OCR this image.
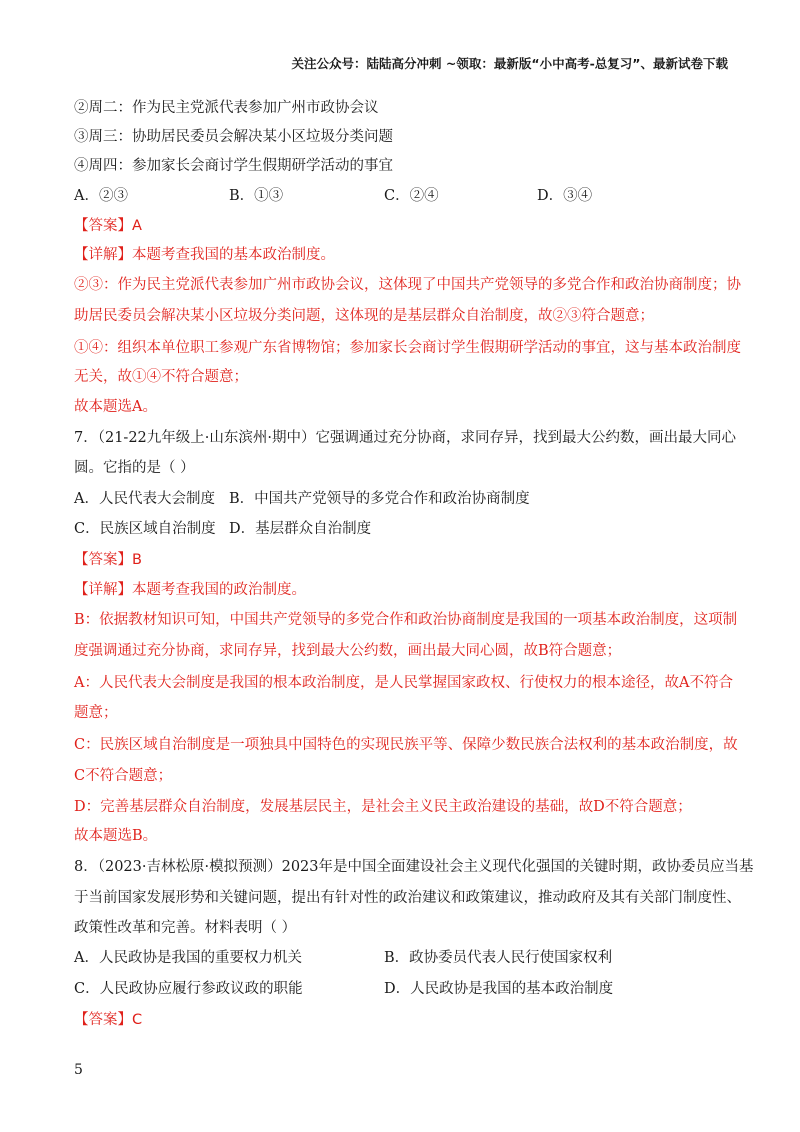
关注公众号：陆陆高分冲刺 ~领取：最新版“小中高考-总复习”、最新试卷下载
②周二：作为民主党派代表参加广州市政协会议
③周三：协助居民委员会解决某小区垃圾分类问题
④周四：参加家长会商讨学生假期研学活动的事宜
A．②③	B．①③	C．②④	D．③④
【答案】A
【详解】本题考查我国的基本政治制度。
②③：作为民主党派代表参加广州市政协会议，这体现了中国共产党领导的多党合作和政治协商制度；协
助居民委员会解决某小区垃圾分类问题，这体现的是基层群众自治制度，故②③符合题意；
①④：组织本单位职工参观广东省博物馆；参加家长会商讨学生假期研学活动的事宜，这与基本政治制度
无关，故①④不符合题意；
故本题选A。
7．（21-22九年级上·山东滨州·期中）它强调通过充分协商，求同存异，找到最大公约数，画出最大同心
圆。它指的是（ ）
A．人民代表大会制度 B．中国共产党领导的多党合作和政治协商制度
C．民族区域自治制度 D．基层群众自治制度
【答案】B
【详解】本题考查我国的政治制度。
B：依据教材知识可知，中国共产党领导的多党合作和政治协商制度是我国的一项基本政治制度，这项制
度强调通过充分协商，求同存异，找到最大公约数，画出最大同心圆，故B符合题意；
A：人民代表大会制度是我国的根本政治制度，是人民掌握国家政权、行使权力的根本途径，故A不符合
题意；
C：民族区域自治制度是一项独具中国特色的实现民族平等、保障少数民族合法权利的基本政治制度，故
C不符合题意；
D：完善基层群众自治制度，发展基层民主，是社会主义民主政治建设的基础，故D不符合题意；
故本题选B。
8．（2023·吉林松原·模拟预测）2023年是中国全面建设社会主义现代化强国的关键时期，政协委员应当基
于当前国家发展形势和关键问题，提出有针对性的政治建议和政策建议，推动政府及其有关部门制度性、
政策性改革和完善。材料表明（ ）
A．人民政协是我国的重要权力机关	B．政协委员代表人民行使国家权利
C．人民政协应履行参政议政的职能	D．人民政协是我国的基本政治制度
【答案】C
5
